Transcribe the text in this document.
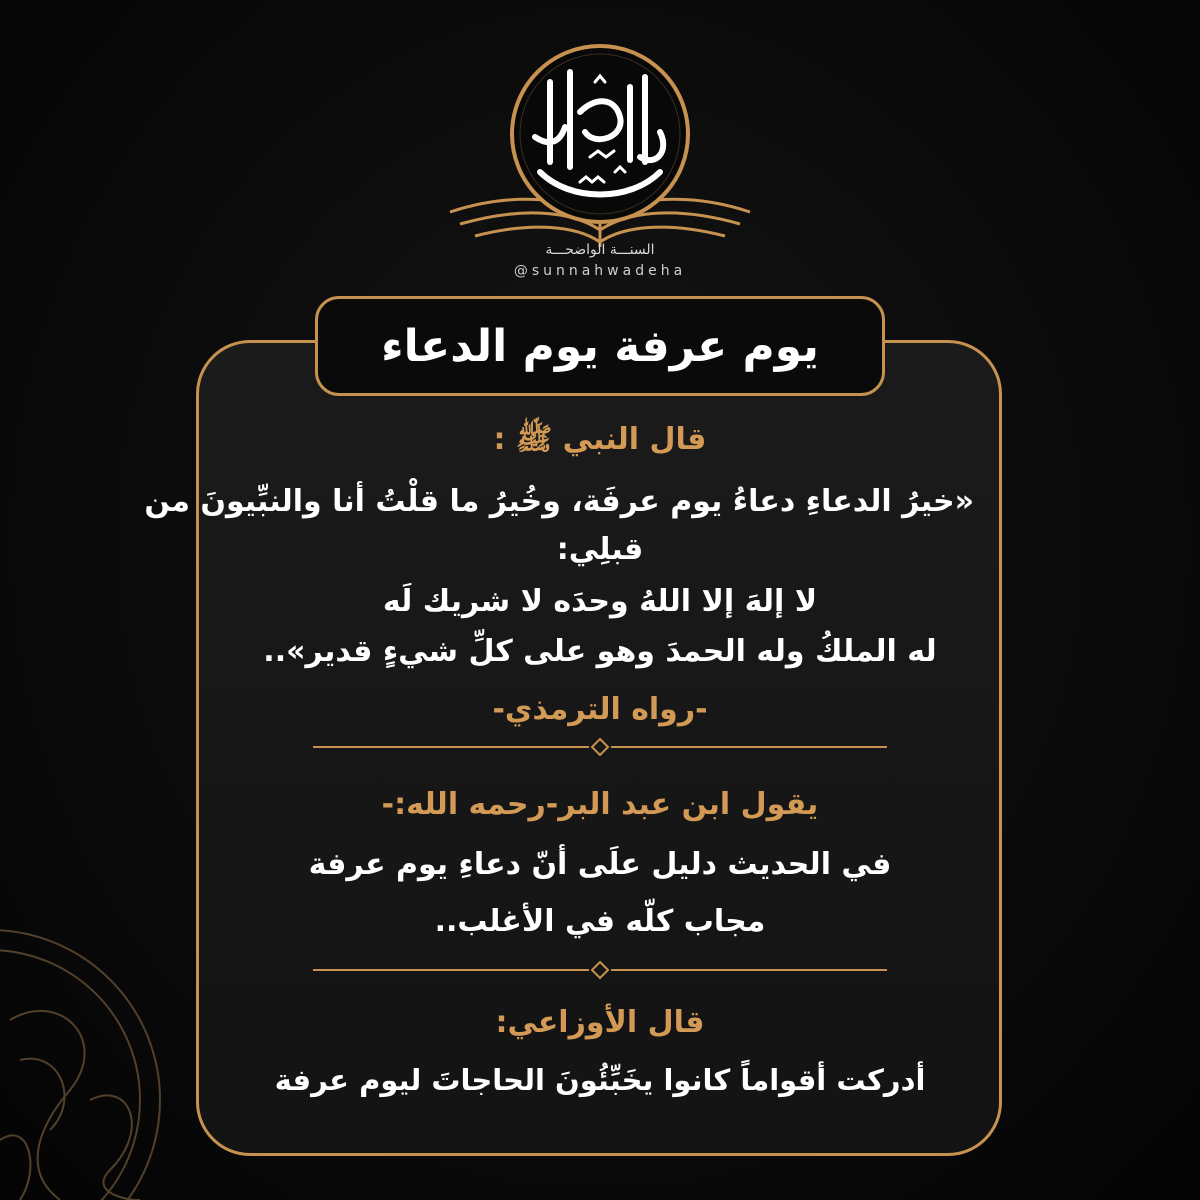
السنـــة الواضحـــة
@sunnahwadeha
يوم عرفة يوم الدعاء
قال النبي ﷺ :
«خيرُ الدعاءِ دعاءُ يوم عرفَة، وخُيرُ ما قلْتُ أنا والنبِّيونَ من
قبلِي:
لا إلهَ إلا اللهُ وحدَه لا شريك لَه
له الملكُ وله الحمدَ وهو على كلِّ شيءٍ قدير»..
-رواه الترمذي-
يقول ابن عبد البر-رحمه الله:-
في الحديث دليل علَى أنّ دعاءِ يوم عرفة
مجاب كلّه في الأغلب..
قال الأوزاعي:
أدركت أقواماً كانوا يخَبِّئُونَ الحاجاتَ ليوم عرفة
